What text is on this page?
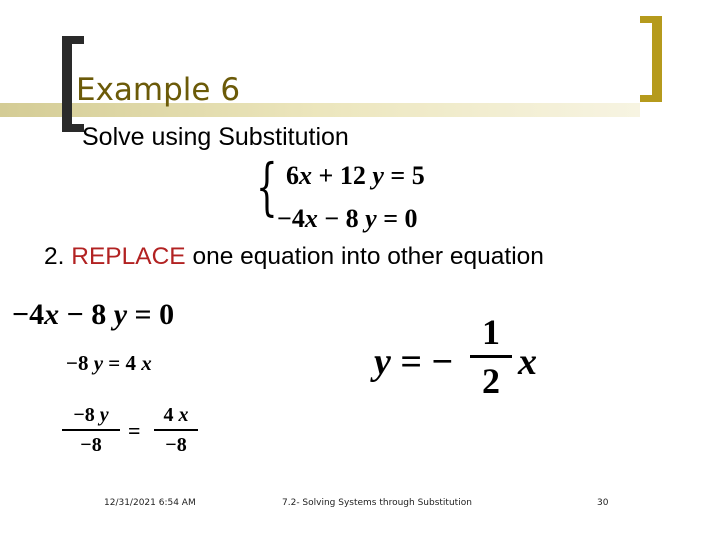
Example 6
Solve using Substitution
{ 6x + 12 y = 5
−4x − 8 y = 0
2. REPLACE one equation into other equation
−4x − 8 y = 0
−8 y = 4 x
−8 y
−8
=
4 x
−8
y = −
1
2 x
12/31/2021 6:54 AM	7.2- Solving Systems through Substitution	30
